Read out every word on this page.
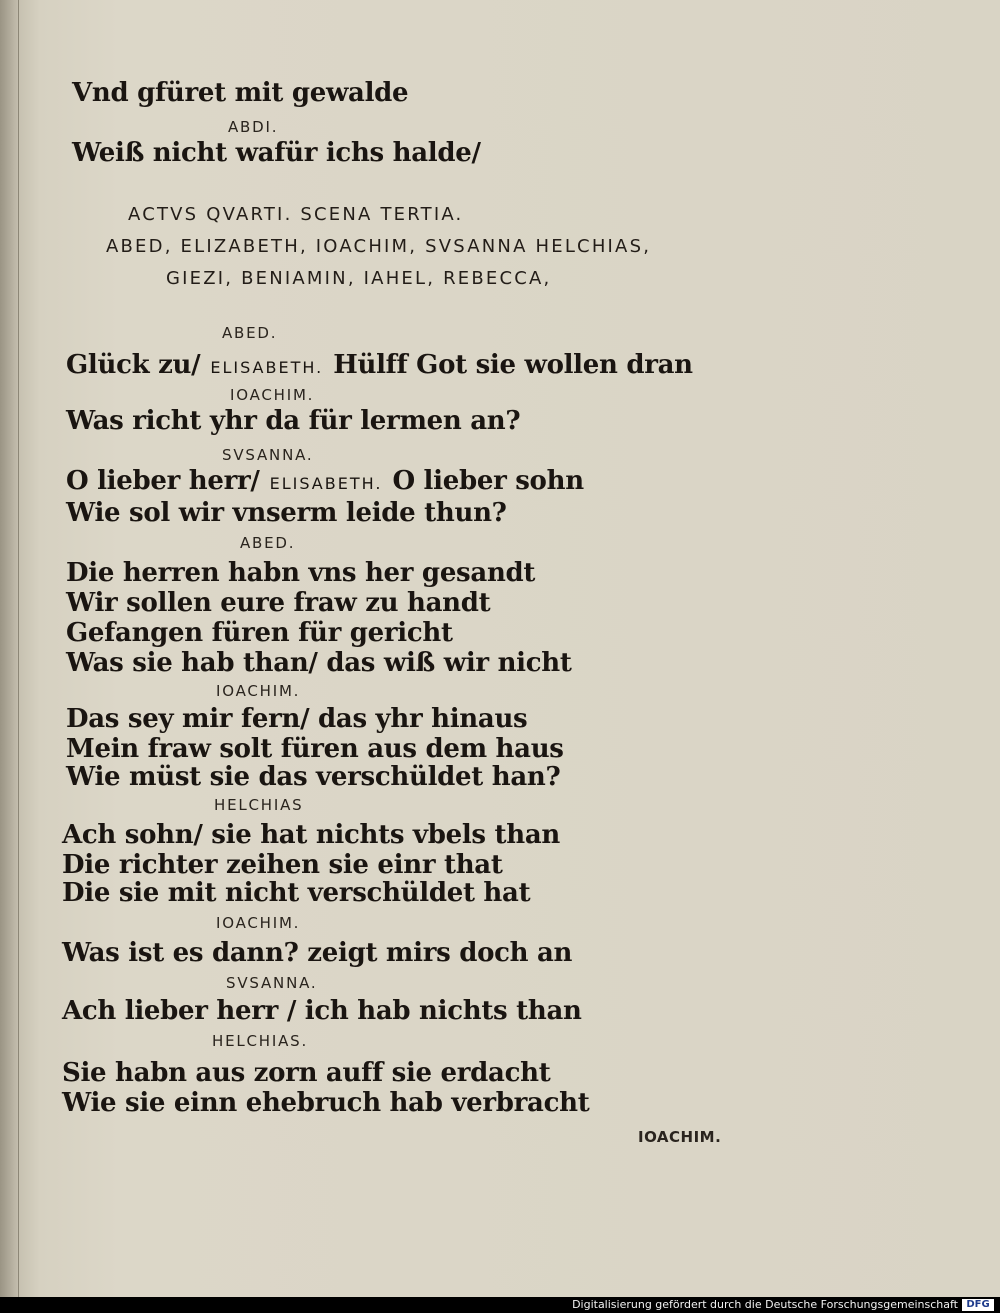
Vnd gfüret mit gewalde
ABDI.
Weiß nicht wafür ichs halde/
ACTVS QVARTI. SCENA TERTIA.
ABED, ELIZABETH, IOACHIM, SVSANNA HELCHIAS,
GIEZI, BENIAMIN, IAHEL, REBECCA,
ABED.
Glück zu/ ELISABETH. Hülff Got sie wollen dran
IOACHIM.
Was richt yhr da für lermen an?
SVSANNA.
O lieber herr/ ELISABETH. O lieber sohn
Wie sol wir vnserm leide thun?
ABED.
Die herren habn vns her gesandt
Wir sollen eure fraw zu handt
Gefangen füren für gericht
Was sie hab than/ das wiß wir nicht
IOACHIM.
Das sey mir fern/ das yhr hinaus
Mein fraw solt füren aus dem haus
Wie müst sie das verschüldet han?
HELCHIAS
Ach sohn/ sie hat nichts vbels than
Die richter zeihen sie einr that
Die sie mit nicht verschüldet hat
IOACHIM.
Was ist es dann? zeigt mirs doch an
SVSANNA.
Ach lieber herr / ich hab nichts than
HELCHIAS.
Sie habn aus zorn auff sie erdacht
Wie sie einn ehebruch hab verbracht
IOACHIM.
Digitalisierung gefördert durch die Deutsche Forschungsgemeinschaft DFG
